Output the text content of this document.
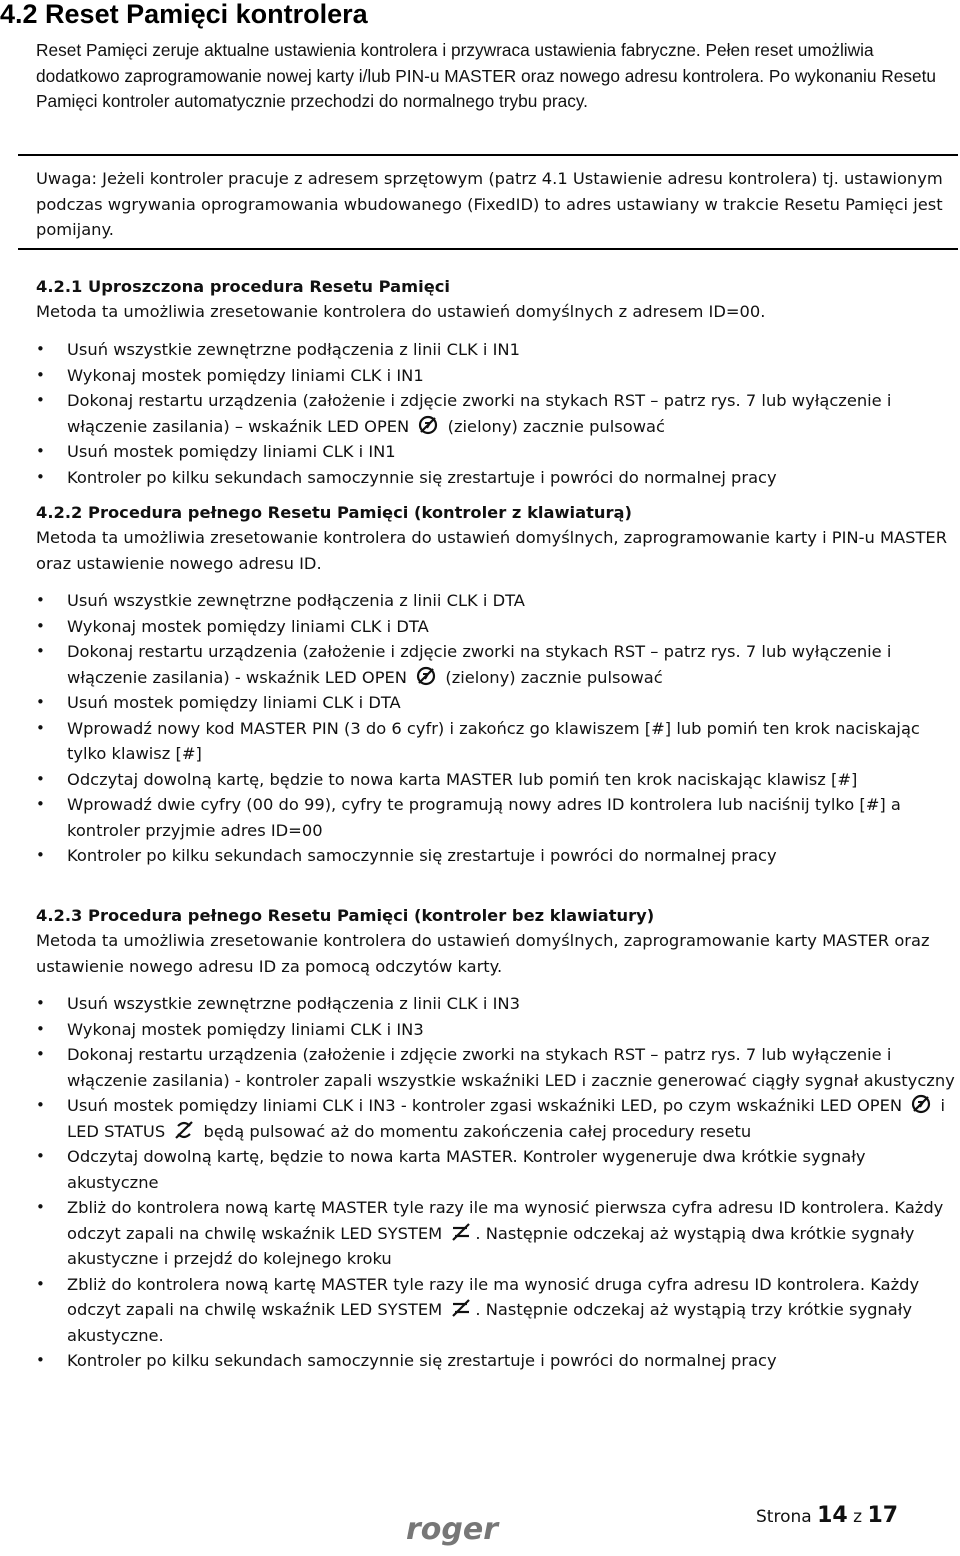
4.2 Reset Pamięci kontrolera

Reset Pamięci zeruje aktualne ustawienia kontrolera i przywraca ustawienia fabryczne. Pełen reset umożliwia dodatkowo zaprogramowanie nowej karty i/lub PIN-u MASTER oraz nowego adresu kontrolera. Po wykonaniu Resetu Pamięci kontroler automatycznie przechodzi do normalnego trybu pracy.

Uwaga: Jeżeli kontroler pracuje z adresem sprzętowym (patrz 4.1 Ustawienie adresu kontrolera) tj. ustawionym podczas wgrywania oprogramowania wbudowanego (FixedID) to adres ustawiany w trakcie Resetu Pamięci jest pomijany.

4.2.1 Uproszczona procedura Resetu Pamięci
Metoda ta umożliwia zresetowanie kontrolera do ustawień domyślnych z adresem ID=00.
• Usuń wszystkie zewnętrzne podłączenia z linii CLK i IN1
• Wykonaj mostek pomiędzy liniami CLK i IN1
• Dokonaj restartu urządzenia (założenie i zdjęcie zworki na stykach RST – patrz rys. 7 lub wyłączenie i włączenie zasilania) – wskaźnik LED OPEN (zielony) zacznie pulsować
• Usuń mostek pomiędzy liniami CLK i IN1
• Kontroler po kilku sekundach samoczynnie się zrestartuje i powróci do normalnej pracy
4.2.2 Procedura pełnego Resetu Pamięci (kontroler z klawiaturą)
Metoda ta umożliwia zresetowanie kontrolera do ustawień domyślnych, zaprogramowanie karty i PIN-u MASTER oraz ustawienie nowego adresu ID.
• Usuń wszystkie zewnętrzne podłączenia z linii CLK i DTA
• Wykonaj mostek pomiędzy liniami CLK i DTA
• Dokonaj restartu urządzenia (założenie i zdjęcie zworki na stykach RST – patrz rys. 7 lub wyłączenie i włączenie zasilania) - wskaźnik LED OPEN (zielony) zacznie pulsować
• Usuń mostek pomiędzy liniami CLK i DTA
• Wprowadź nowy kod MASTER PIN (3 do 6 cyfr) i zakończ go klawiszem [#] lub pomiń ten krok naciskając tylko klawisz [#]
• Odczytaj dowolną kartę, będzie to nowa karta MASTER lub pomiń ten krok naciskając klawisz [#]
• Wprowadź dwie cyfry (00 do 99), cyfry te programują nowy adres ID kontrolera lub naciśnij tylko [#] a kontroler przyjmie adres ID=00
• Kontroler po kilku sekundach samoczynnie się zrestartuje i powróci do normalnej pracy
4.2.3 Procedura pełnego Resetu Pamięci (kontroler bez klawiatury)
Metoda ta umożliwia zresetowanie kontrolera do ustawień domyślnych, zaprogramowanie karty MASTER oraz ustawienie nowego adresu ID za pomocą odczytów karty.
• Usuń wszystkie zewnętrzne podłączenia z linii CLK i IN3
• Wykonaj mostek pomiędzy liniami CLK i IN3
• Dokonaj restartu urządzenia (założenie i zdjęcie zworki na stykach RST – patrz rys. 7 lub wyłączenie i włączenie zasilania) - kontroler zapali wszystkie wskaźniki LED i zacznie generować ciągły sygnał akustyczny
• Usuń mostek pomiędzy liniami CLK i IN3 - kontroler zgasi wskaźniki LED, po czym wskaźniki LED OPEN i LED STATUS będą pulsować aż do momentu zakończenia całej procedury resetu
• Odczytaj dowolną kartę, będzie to nowa karta MASTER. Kontroler wygeneruje dwa krótkie sygnały akustyczne
• Zbliż do kontrolera nową kartę MASTER tyle razy ile ma wynosić pierwsza cyfra adresu ID kontrolera. Każdy odczyt zapali na chwilę wskaźnik LED SYSTEM . Następnie odczekaj aż wystąpią dwa krótkie sygnały akustyczne i przejdź do kolejnego kroku
• Zbliż do kontrolera nową kartę MASTER tyle razy ile ma wynosić druga cyfra adresu ID kontrolera. Każdy odczyt zapali na chwilę wskaźnik LED SYSTEM . Następnie odczekaj aż wystąpią trzy krótkie sygnały akustyczne.
• Kontroler po kilku sekundach samoczynnie się zrestartuje i powróci do normalnej pracy
roger	Strona 14 z 17
